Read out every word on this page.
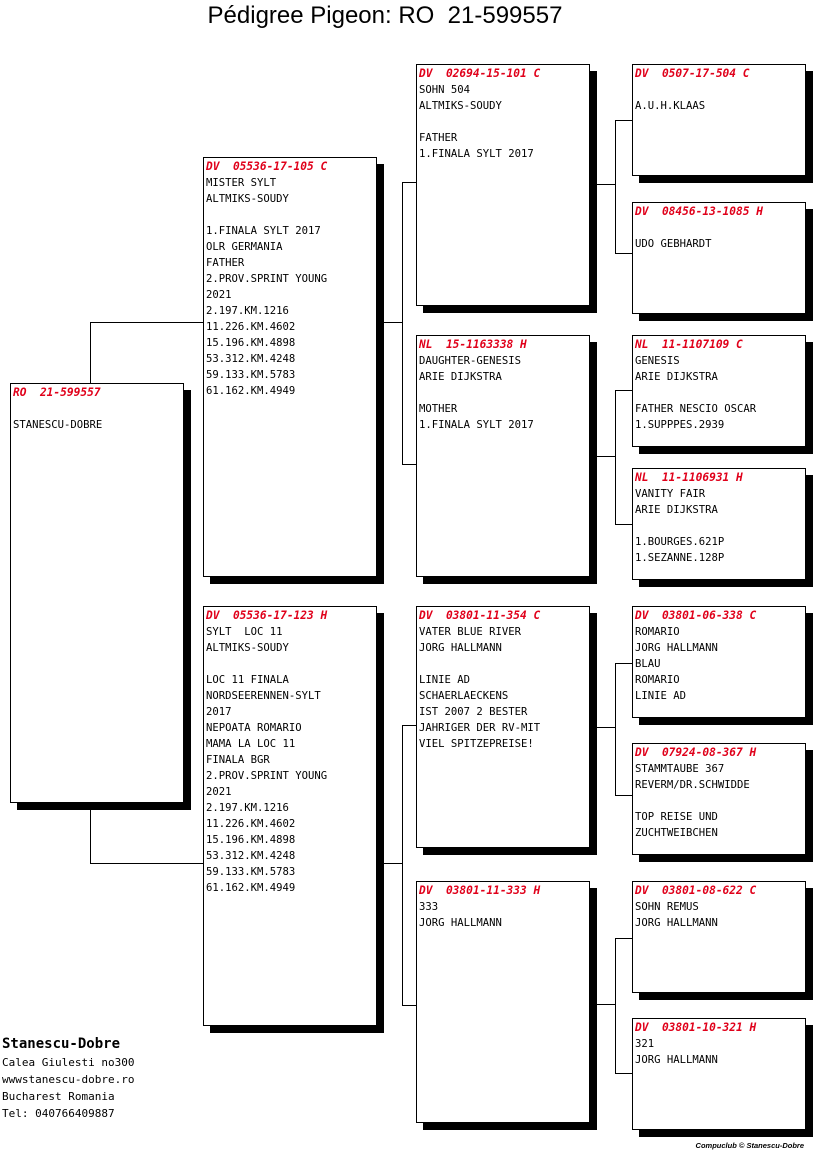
Pédigree Pigeon: RO  21-599557
RO  21-599557
STANESCU-DOBRE
DV  05536-17-105 C
MISTER SYLT
ALTMIKS-SOUDY
1.FINALA SYLT 2017
OLR GERMANIA
FATHER
2.PROV.SPRINT YOUNG
2021
2.197.KM.1216
11.226.KM.4602
15.196.KM.4898
53.312.KM.4248
59.133.KM.5783
61.162.KM.4949
DV  05536-17-123 H
SYLT  LOC 11
ALTMIKS-SOUDY
LOC 11 FINALA
NORDSEERENNEN-SYLT
2017
NEPOATA ROMARIO
MAMA LA LOC 11
FINALA BGR
2.PROV.SPRINT YOUNG
2021
2.197.KM.1216
11.226.KM.4602
15.196.KM.4898
53.312.KM.4248
59.133.KM.5783
61.162.KM.4949
DV  02694-15-101 C
SOHN 504
ALTMIKS-SOUDY
FATHER
1.FINALA SYLT 2017
NL  15-1163338 H
DAUGHTER-GENESIS
ARIE DIJKSTRA
MOTHER
1.FINALA SYLT 2017
DV  03801-11-354 C
VATER BLUE RIVER
JORG HALLMANN
LINIE AD
SCHAERLAECKENS
IST 2007 2 BESTER
JAHRIGER DER RV-MIT
VIEL SPITZEPREISE!
DV  03801-11-333 H
333
JORG HALLMANN
DV  0507-17-504 C
A.U.H.KLAAS
DV  08456-13-1085 H
UDO GEBHARDT
NL  11-1107109 C
GENESIS
ARIE DIJKSTRA
FATHER NESCIO OSCAR
1.SUPPPES.2939
NL  11-1106931 H
VANITY FAIR
ARIE DIJKSTRA
1.BOURGES.621P
1.SEZANNE.128P
DV  03801-06-338 C
ROMARIO
JORG HALLMANN
BLAU
ROMARIO
LINIE AD
DV  07924-08-367 H
STAMMTAUBE 367
REVERM/DR.SCHWIDDE
TOP REISE UND
ZUCHTWEIBCHEN
DV  03801-08-622 C
SOHN REMUS
JORG HALLMANN
DV  03801-10-321 H
321
JORG HALLMANN
Stanescu-Dobre
Calea Giulesti no300
wwwstanescu-dobre.ro
Bucharest Romania
Tel: 040766409887
Compuclub © Stanescu-Dobre
